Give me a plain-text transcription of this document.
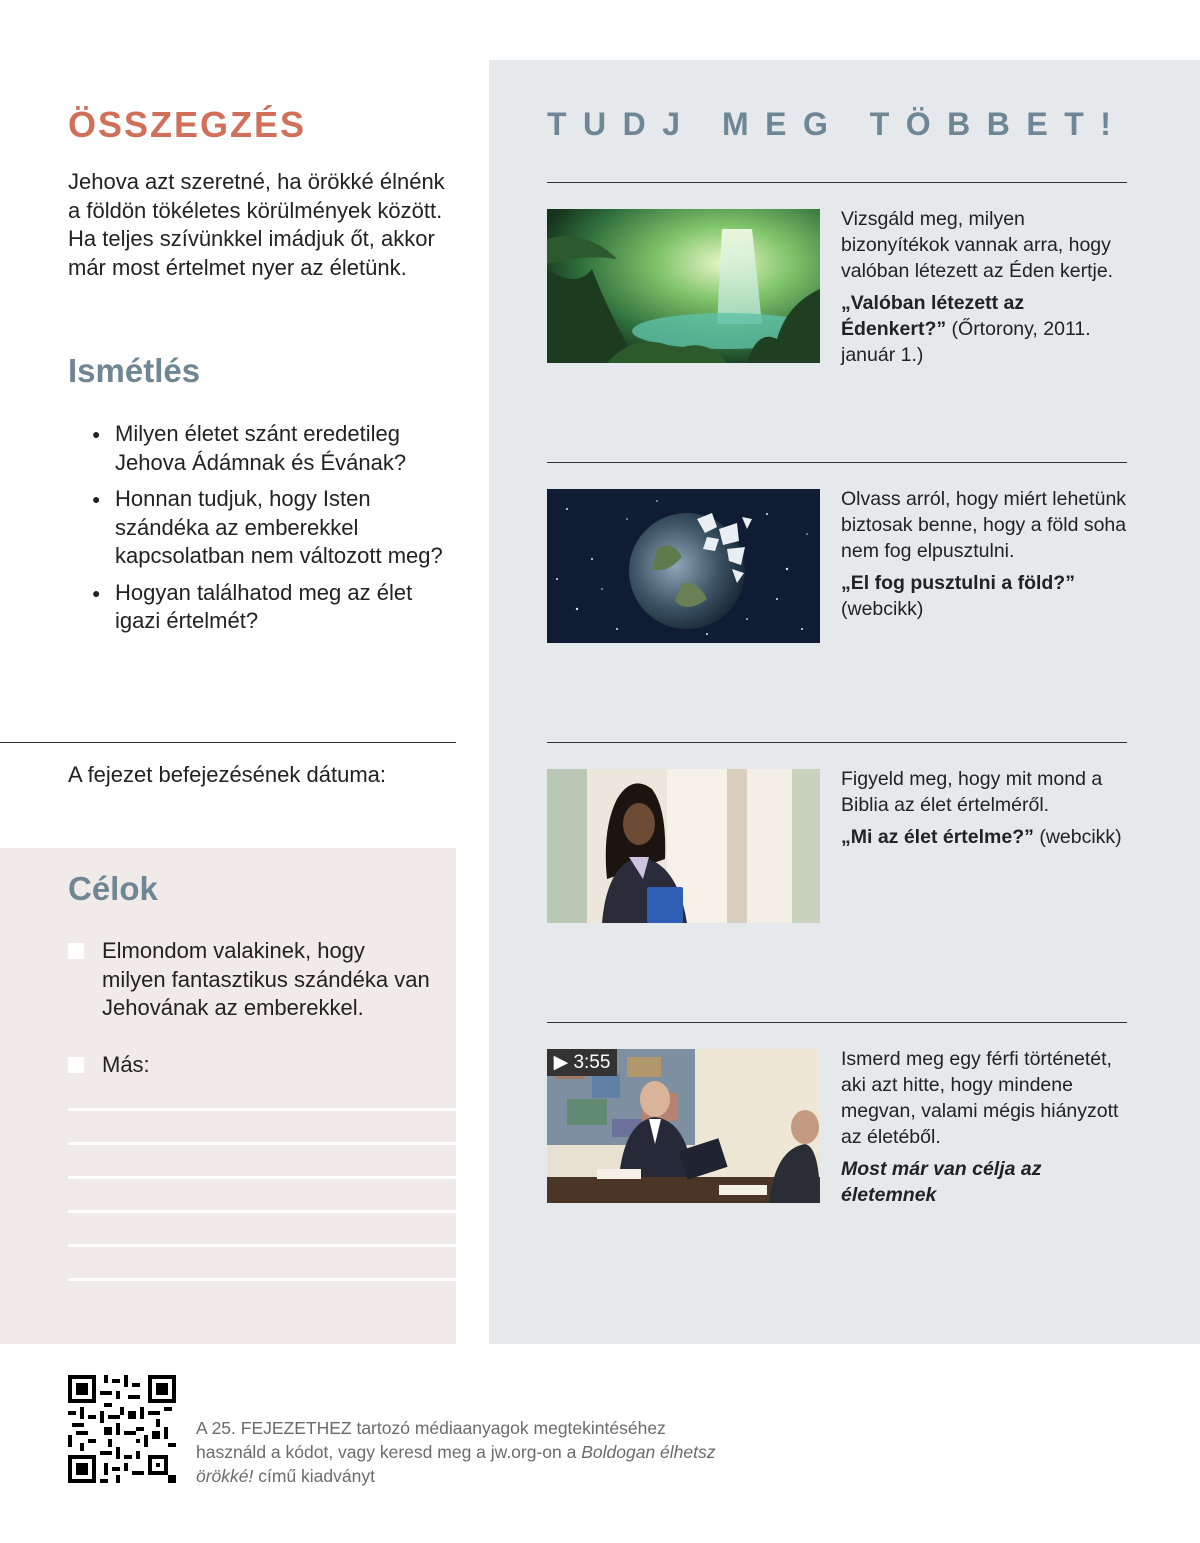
ÖSSZEGZÉS

Jehova azt szeretné, ha örökké élnénk a földön tökéletes körülmények között. Ha teljes szívünkkel imádjuk őt, akkor már most értelmet nyer az életünk.

Ismétlés
● Milyen életet szánt eredetileg Jehova Ádámnak és Évának?
● Honnan tudjuk, hogy Isten szándéka az emberekkel kapcsolatban nem változott meg?
● Hogyan találhatod meg az élet igazi értelmét?

A fejezet befejezésének dátuma:

Célok
Elmondom valakinek, hogy milyen fantasztikus szándéka van Jehovának az emberekkel.
Más:
TUDJ MEG TÖBBET!

Vizsgáld meg, milyen bizonyítékok vannak arra, hogy valóban létezett az Éden kertje.

„Valóban létezett az Édenkert?” (Őrtorony, 2011. január 1.)

Olvass arról, hogy miért lehetünk biztosak benne, hogy a föld soha nem fog elpusztulni.

„El fog pusztulni a föld?”
(webcikk)

Figyeld meg, hogy mit mond a Biblia az élet értelméről.

„Mi az élet értelme?” (webcikk)

▶ 3:55	Ismerd meg egy férfi történetét, aki azt hitte, hogy mindene megvan, valami mégis hiányzott az életéből.

Most már van célja az életemnek

A 25. FEJEZETHEZ tartozó médiaanyagok megtekintéséhez használd a kódot, vagy keresd meg a jw.org-on a Boldogan élhetsz örökké! című kiadványt
